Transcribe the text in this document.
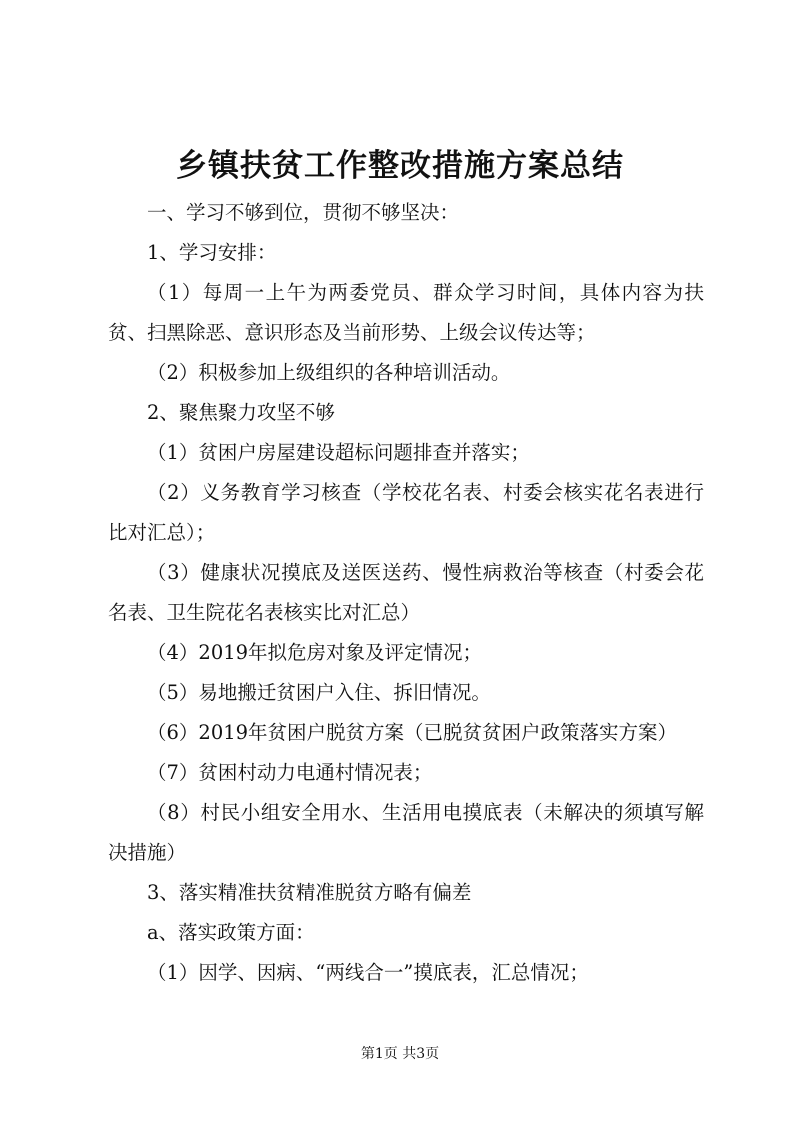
乡镇扶贫工作整改措施方案总结

一、学习不够到位，贯彻不够坚决：

1、学习安排：

（1）每周一上午为两委党员、群众学习时间，具体内容为扶贫、扫黑除恶、意识形态及当前形势、上级会议传达等；

（2）积极参加上级组织的各种培训活动。

2、聚焦聚力攻坚不够

（1）贫困户房屋建设超标问题排查并落实；

（2）义务教育学习核查（学校花名表、村委会核实花名表进行比对汇总）；

（3）健康状况摸底及送医送药、慢性病救治等核查（村委会花名表、卫生院花名表核实比对汇总）

（4）2019年拟危房对象及评定情况；

（5）易地搬迁贫困户入住、拆旧情况。

（6）2019年贫困户脱贫方案（已脱贫贫困户政策落实方案）

（7）贫困村动力电通村情况表；

（8）村民小组安全用水、生活用电摸底表（未解决的须填写解决措施）

3、落实精准扶贫精准脱贫方略有偏差

a、落实政策方面：

（1）因学、因病、“两线合一”摸底表，汇总情况；

第1页 共3页
